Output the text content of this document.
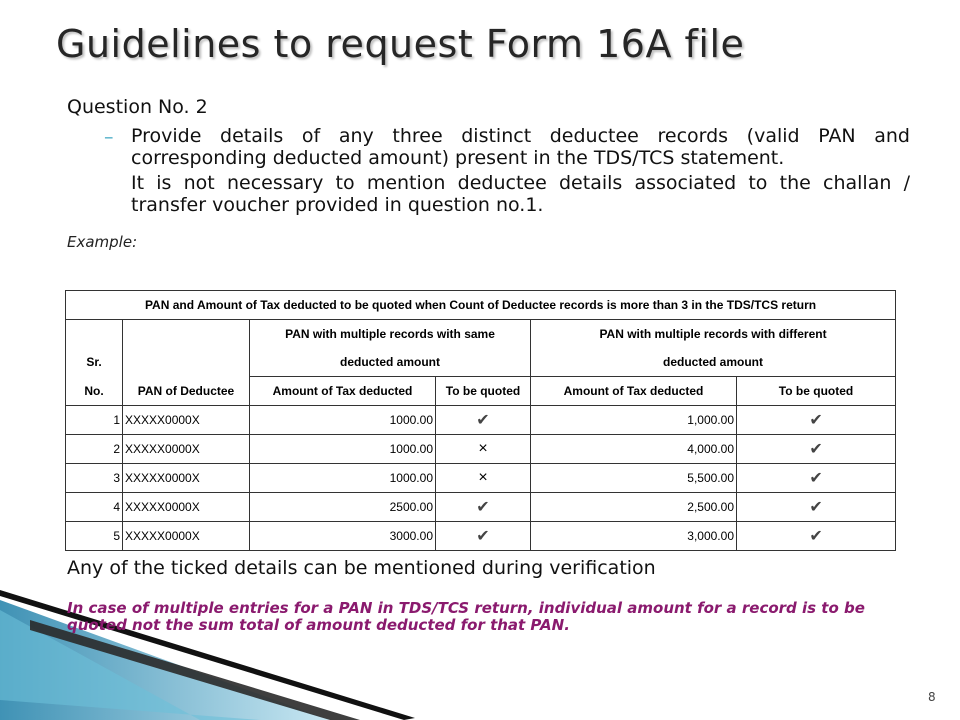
Guidelines to request Form 16A file
Question No. 2
– Provide details of any three distinct deductee records (valid PAN and corresponding deducted amount) present in the TDS/TCS statement.
It is not necessary to mention deductee details associated to the challan / transfer voucher provided in question no.1.
Example:
PAN and Amount of Tax deducted to be quoted when Count of Deductee records is more than 3 in the TDS/TCS return					
		PAN with multiple records with same		PAN with multiple records with different	
Sr.		deducted amount		deducted amount	
No.	PAN of Deductee	Amount of Tax deducted	To be quoted	Amount of Tax deducted	To be quoted
1	XXXXX0000X	1000.00	✔	1,000.00	✔
2	XXXXX0000X	1000.00	×	4,000.00	✔
3	XXXXX0000X	1000.00	×	5,500.00	✔
4	XXXXX0000X	2500.00	✔	2,500.00	✔
5	XXXXX0000X	3000.00	✔	3,000.00	✔
Any of the ticked details can be mentioned during verification
In case of multiple entries for a PAN in TDS/TCS return, individual amount for a record is to be quoted not the sum total of amount deducted for that PAN.
8
